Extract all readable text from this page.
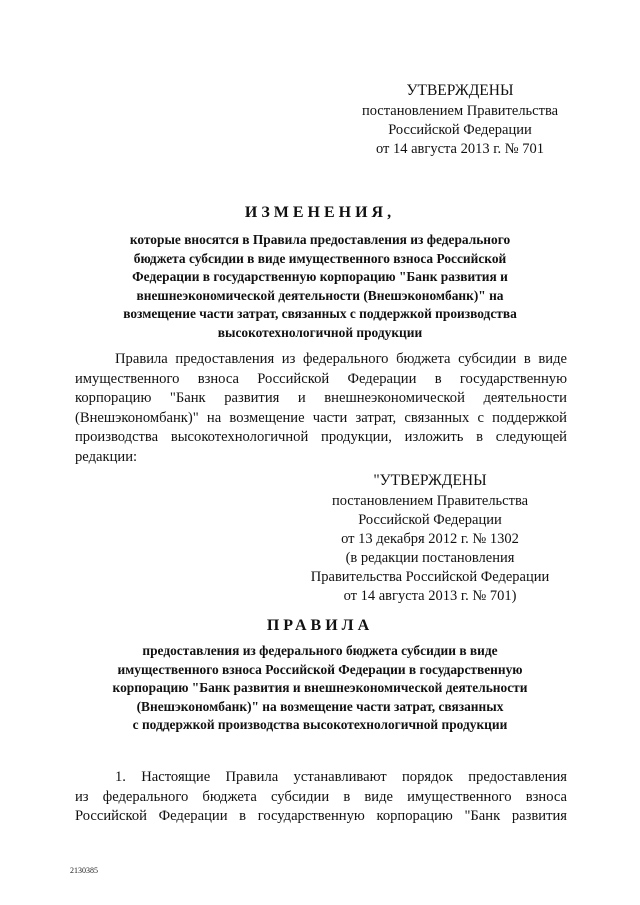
УТВЕРЖДЕНЫ
постановлением Правительства
Российской Федерации
от 14 августа 2013 г. № 701
ИЗМЕНЕНИЯ,
которые вносятся в Правила предоставления из федерального
бюджета субсидии в виде имущественного взноса Российской
Федерации в государственную корпорацию "Банк развития и
внешнеэкономической деятельности (Внешэкономбанк)" на
возмещение части затрат, связанных с поддержкой производства
высокотехнологичной продукции
Правила предоставления из федерального бюджета субсидии в виде
имущественного взноса Российской Федерации в государственную
корпорацию "Банк развития и внешнеэкономической деятельности
(Внешэкономбанк)" на возмещение части затрат, связанных с поддержкой
производства высокотехнологичной продукции, изложить в следующей
редакции:
"УТВЕРЖДЕНЫ
постановлением Правительства
Российской Федерации
от 13 декабря 2012 г. № 1302
(в редакции постановления
Правительства Российской Федерации
от 14 августа 2013 г. № 701)
ПРАВИЛА
предоставления из федерального бюджета субсидии в виде
имущественного взноса Российской Федерации в государственную
корпорацию "Банк развития и внешнеэкономической деятельности
(Внешэкономбанк)" на возмещение части затрат, связанных
с поддержкой производства высокотехнологичной продукции
1. Настоящие Правила устанавливают порядок предоставления
из федерального бюджета субсидии в виде имущественного взноса
Российской Федерации в государственную корпорацию "Банк развития
2130385
